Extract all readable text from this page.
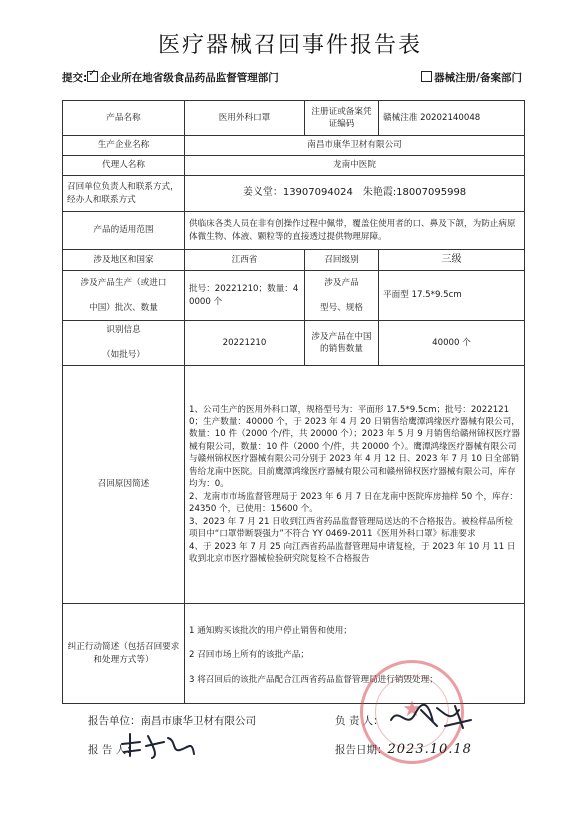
医疗器械召回事件报告表
提交: ✓ 企业所在地省级食品药品监督管理部门	器械注册/备案部门
产品名称	医用外科口罩	注册证或备案凭证编码	赣械注准 20202140048
生产企业名称	南昌市康华卫材有限公司		
代理人名称	龙南中医院		
召回单位负责人和联系方式，经办人和联系方式	姜义堂：13907094024　朱艳霞:18007095998		
产品的适用范围	供临床各类人员在非有创操作过程中佩带，覆盖住使用者的口、鼻及下颌，为防止病原体微生物、体液、颗粒等的直接透过提供物理屏障。		
涉及地区和国家	江西省	召回级别	三级
涉及产品生产（或进口

中国）批次、数量	批号：20221210；数量：40000 个	涉及产品

型号、规格	平面型 17.5*9.5cm
识别信息

（如批号）	20221210	涉及产品在中国的销售数量	40000 个
召回原因简述	1、公司生产的医用外科口罩，规格型号为：平面形 17.5*9.5cm；批号：20221210；生产数量：40000 个，于 2023 年 4 月 20 日销售给鹰潭鸿缘医疗器械有限公司，数量：10 件（2000 个/件，共 20000 个）；2023 年 5 月 9 月销售给赣州锦权医疗器械有限公司，数量：10 件（2000 个/件，共 20000 个）。鹰潭鸿缘医疗器械有限公司与赣州锦权医疗器械有限公司分别于 2023 年 4 月 12 日、2023 年 7 月 10 日全部销售给龙南中医院。目前鹰潭鸿缘医疗器械有限公司和赣州锦权医疗器械有限公司，库存均为：0。
2、龙南市市场监督管理局于 2023 年 6 月 7 日在龙南中医院库房抽样 50 个，库存：24350 个，已使用：15600 个。
3、2023 年 7 月 21 日收到江西省药品监督管理局送达的不合格报告。被检样品所检项目中“口罩带断裂强力”不符合 YY 0469-2011《医用外科口罩》标准要求
4、于 2023 年 7 月 25 向江西省药品监督管理局申请复检，于 2023 年 10 月 11 日收到北京市医疗器械检验研究院复检不合格报告		

纠正行动简述（包括召回要求和处理方式等）	1 通知购买该批次的用户停止销售和使用；
2 召回市场上所有的该批产品；
3 将召回后的该批产品配合江西省药品监督管理局进行销毁处理；		
★
报告单位：南昌市康华卫材有限公司	负 责 人：
报 告 人：	报告日期：2023.10.18
